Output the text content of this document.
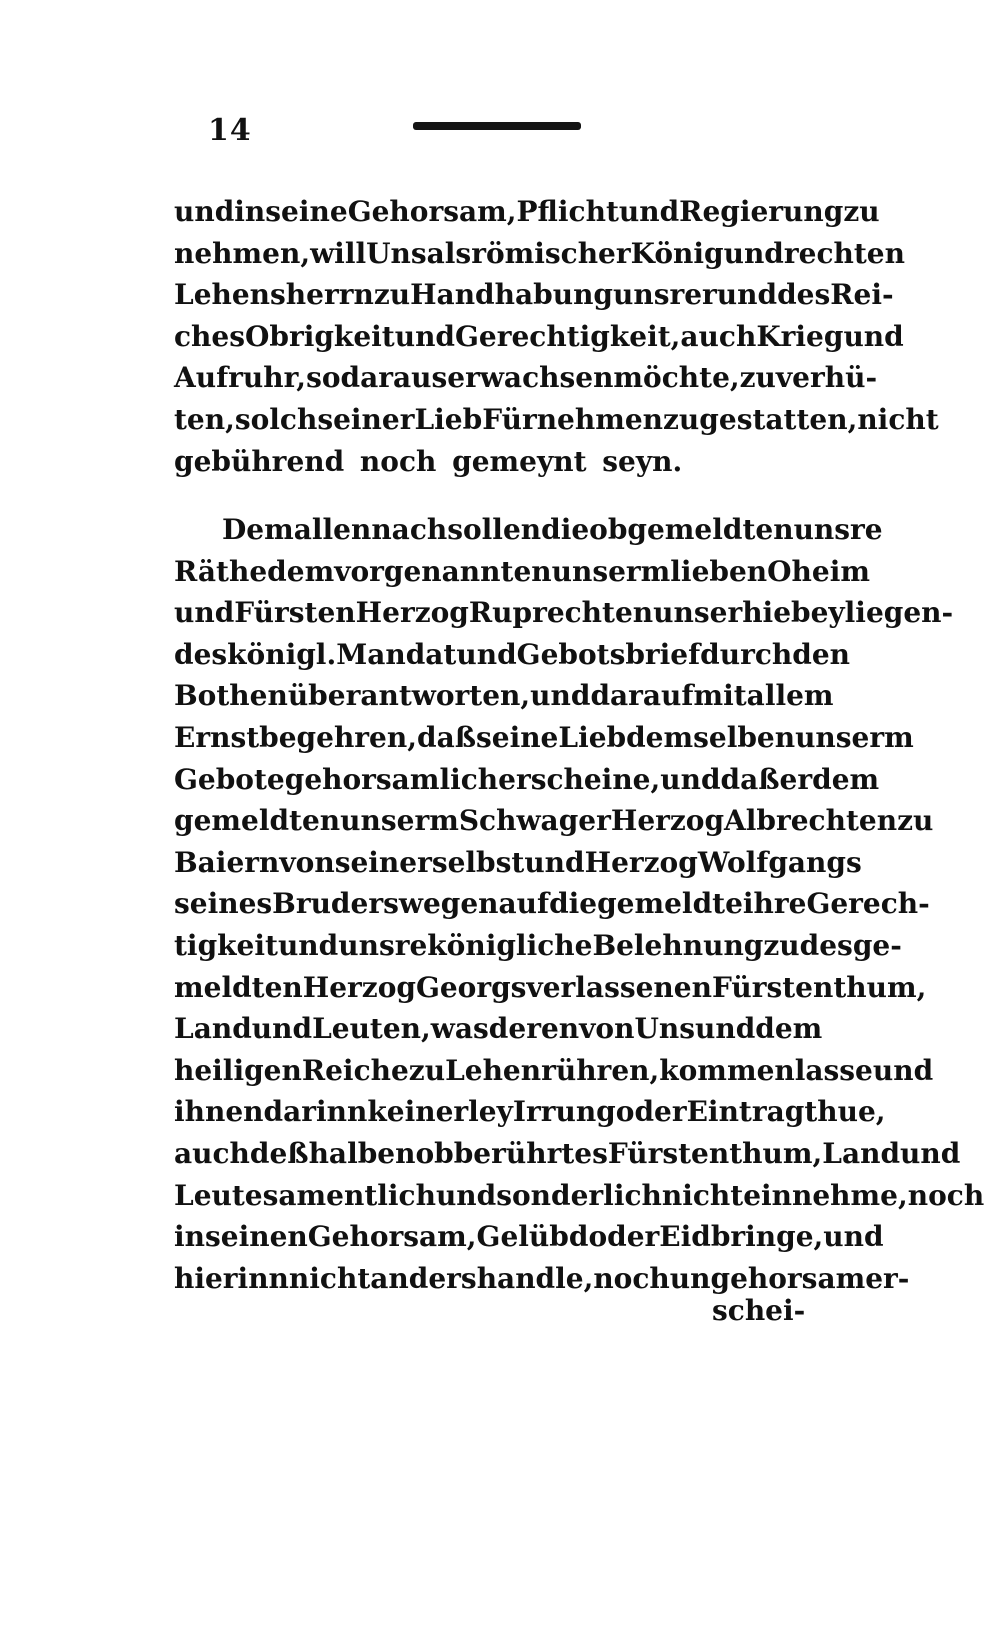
14
und in seine Gehorsam, Pflicht und Regierung zu
nehmen, will Uns als römischer König und rechten
Lehensherrn zu Handhabung unsrer und des Rei-
ches Obrigkeit und Gerechtigkeit, auch Krieg und
Aufruhr, so daraus erwachsen möchte, zu verhü-
ten, solch seiner Lieb Fürnehmen zu gestatten, nicht
gebührend noch gemeynt seyn.
Dem allen nach sollen die obgemeldten unsre
Räthe dem vorgenannten unserm lieben Oheim
und Fürsten Herzog Ruprechten unser hiebeyliegen-
des königl. Mandat und Gebotsbrief durch den
Bothen überantworten, und darauf mit allem
Ernst begehren, daß seine Lieb demselben unserm
Gebote gehorsamlich erscheine, und daß er dem
gemeldten unserm Schwager Herzog Albrechten zu
Baiern von seiner selbst und Herzog Wolfgangs
seines Bruders wegen auf die gemeldte ihre Gerech-
tigkeit und unsre königliche Belehnung zu des ge-
meldten Herzog Georgs verlassenen Fürstenthum,
Land und Leuten, was deren von Uns und dem
heiligen Reiche zu Lehen rühren, kommen lasse und
ihnen darinn keinerley Irrung oder Eintrag thue,
auch deßhalben obberührtes Fürstenthum, Land und
Leute samentlich und sonderlich nicht einnehme, noch
in seinen Gehorsam, Gelübd oder Eid bringe, und
hierinn nicht anders handle, noch ungehorsam er-
schei-
